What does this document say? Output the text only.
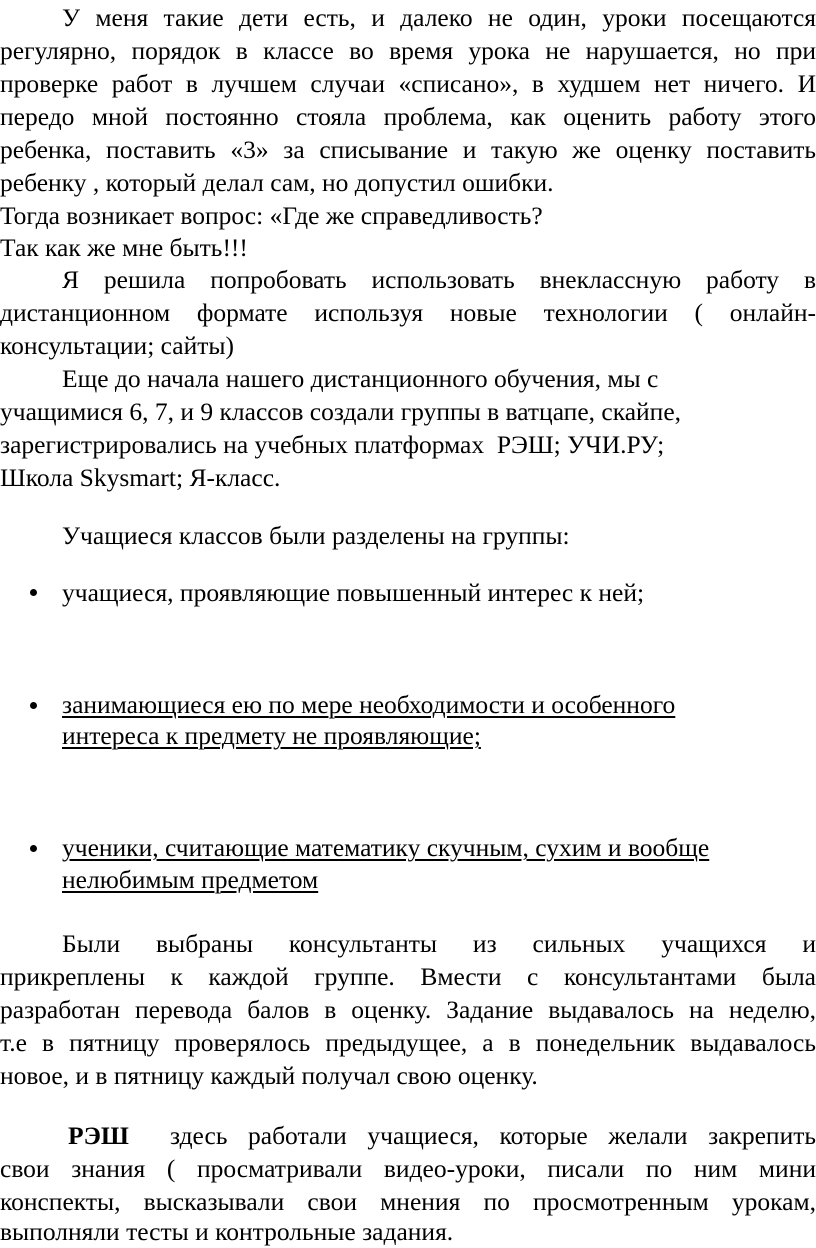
У меня такие дети есть, и далеко не один, уроки посещаются

регулярно, порядок в классе во время урока не нарушается, но при

проверке работ в лучшем случаи «списано», в худшем нет ничего. И

передо мной постоянно стояла проблема, как оценить работу этого

ребенка, поставить «3» за списывание и такую же оценку поставить

ребенку , который делал сам, но допустил ошибки.

Тогда возникает вопрос: «Где же справедливость?

Так как же мне быть!!!

Я решила попробовать использовать внеклассную работу в

дистанционном формате используя новые технологии ( онлайн-

консультации; сайты)

Еще до начала нашего дистанционного обучения, мы с

учащимися 6, 7, и 9 классов создали группы в ватцапе, скайпе,

зарегистрировались на учебных платформах  РЭШ; УЧИ.РУ;

Школа Skysmart; Я-класс.

Учащиеся классов были разделены на группы:

учащиеся, проявляющие повышенный интерес к ней;

занимающиеся ею по мере необходимости и особенного

интереса к предмету не проявляющие;

ученики, считающие математику скучным, сухим и вообще

нелюбимым предметом

Были выбраны консультанты из сильных учащихся и

прикреплены к каждой группе. Вмести с консультантами была

разработан перевода балов в оценку. Задание выдавалось на неделю,

т.е в пятницу проверялось предыдущее, а в понедельник выдавалось

новое, и в пятницу каждый получал свою оценку.

РЭШ здесь работали учащиеся, которые желали закрепить

свои знания ( просматривали видео-уроки, писали по ним мини

конспекты, высказывали свои мнения по просмотренным урокам,

выполняли тесты и контрольные задания.
